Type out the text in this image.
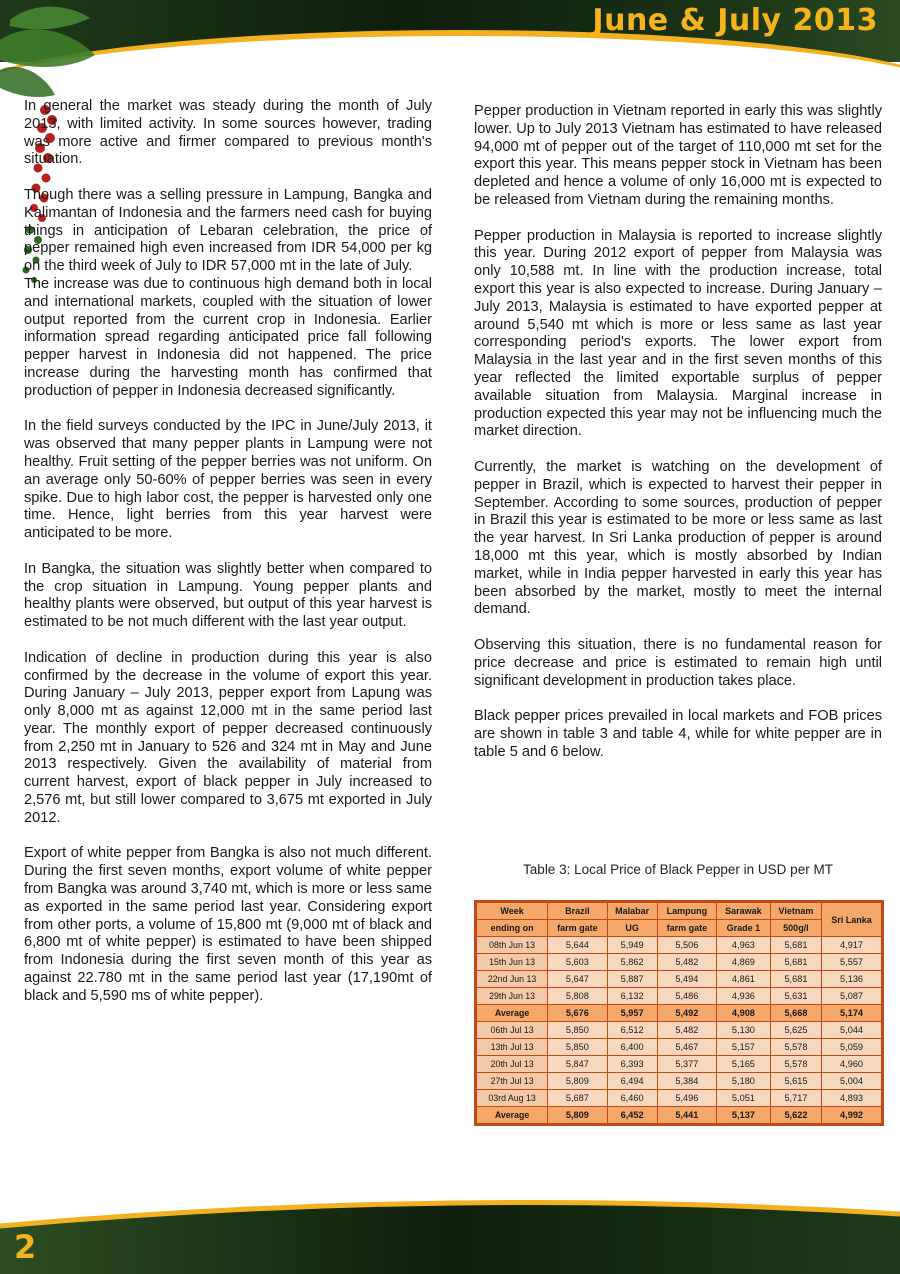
June & July 2013

In general the market was steady during the month of July 2013, with limited activity. In some sources however, trading was more active and firmer compared to previous month's situation.

Though there was a selling pressure in Lampung, Bangka and Kalimantan of Indonesia and the farmers need cash for buying things in anticipation of Lebaran celebration, the price of pepper remained high even increased from IDR 54,000 per kg on the third week of July to IDR 57,000 mt in the late of July.

The increase was due to continuous high demand both in local and international markets, coupled with the situation of lower output reported from the current crop in Indonesia. Earlier information spread regarding anticipated price fall following pepper harvest in Indonesia did not happened. The price increase during the harvesting month has confirmed that production of pepper in Indonesia decreased significantly.

In the field surveys conducted by the IPC in June/July 2013, it was observed that many pepper plants in Lampung were not healthy. Fruit setting of the pepper berries was not uniform. On an average only 50-60% of pepper berries was seen in every spike. Due to high labor cost, the pepper is harvested only one time. Hence, light berries from this year harvest were anticipated to be more.

In Bangka, the situation was slightly better when compared to the crop situation in Lampung. Young pepper plants and healthy plants were observed, but output of this year harvest is estimated to be not much different with the last year output.

Indication of decline in production during this year is also confirmed by the decrease in the volume of export this year. During January – July 2013, pepper export from Lapung was only 8,000 mt as against 12,000 mt in the same period last year. The monthly export of pepper decreased continuously from 2,250 mt in January to 526 and 324 mt in May and June 2013 respectively. Given the availability of material from current harvest, export of black pepper in July increased to 2,576 mt, but still lower compared to 3,675 mt exported in July 2012.

Export of white pepper from Bangka is also not much different. During the first seven months, export volume of white pepper from Bangka was around 3,740 mt, which is more or less same as exported in the same period last year. Considering export from other ports, a volume of 15,800 mt (9,000 mt of black and 6,800 mt of white pepper) is estimated to have been shipped from Indonesia during the first seven month of this year as against 22.780 mt in the same period last year (17,190mt of black and 5,590 ms of white pepper).

Pepper production in Vietnam reported in early this was slightly lower. Up to July 2013 Vietnam has estimated to have released 94,000 mt of pepper out of the target of 110,000 mt set for the export this year. This means pepper stock in Vietnam has been depleted and hence a volume of only 16,000 mt is expected to be released from Vietnam during the remaining months.

Pepper production in Malaysia is reported to increase slightly this year. During 2012 export of pepper from Malaysia was only 10,588 mt. In line with the production increase, total export this year is also expected to increase. During January – July 2013, Malaysia is estimated to have exported pepper at around 5,540 mt which is more or less same as last year corresponding period's exports. The lower export from Malaysia in the last year and in the first seven months of this year reflected the limited exportable surplus of pepper available situation from Malaysia. Marginal increase in production expected this year may not be influencing much the market direction.

Currently, the market is watching on the development of pepper in Brazil, which is expected to harvest their pepper in September. According to some sources, production of pepper in Brazil this year is estimated to be more or less same as last the year harvest. In Sri Lanka production of pepper is around 18,000 mt this year, which is mostly absorbed by Indian market, while in India pepper harvested in early this year has been absorbed by the market, mostly to meet the internal demand.

Observing this situation, there is no fundamental reason for price decrease and price is estimated to remain high until significant development in production takes place.

Black pepper prices prevailed in local markets and FOB prices are shown in table 3 and table 4, while for white pepper are in table 5 and 6 below.

Table 3: Local Price of Black Pepper in USD per MT
Week	Brazil	Malabar	Lampung	Sarawak	Vietnam	Sri Lanka
ending on	farm gate	UG	farm gate	Grade 1	500g/l	
08th Jun 13	5,644	5,949	5,506	4,963	5,681	4,917
15th Jun 13	5,603	5,862	5,482	4,869	5,681	5,557
22nd Jun 13	5,647	5,887	5,494	4,861	5,681	5,136
29th Jun 13	5,808	6,132	5,486	4,936	5,631	5,087
Average	5,676	5,957	5,492	4,908	5,668	5,174
06th Jul 13	5,850	6,512	5,482	5,130	5,625	5,044
13th Jul 13	5,850	6,400	5,467	5,157	5,578	5,059
20th Jul 13	5,847	6,393	5,377	5,165	5,578	4,960
27th Jul 13	5,809	6,494	5,384	5,180	5,615	5,004
03rd Aug 13	5,687	6,460	5,496	5,051	5,717	4,893
Average	5,809	6,452	5,441	5,137	5,622	4,992
2
